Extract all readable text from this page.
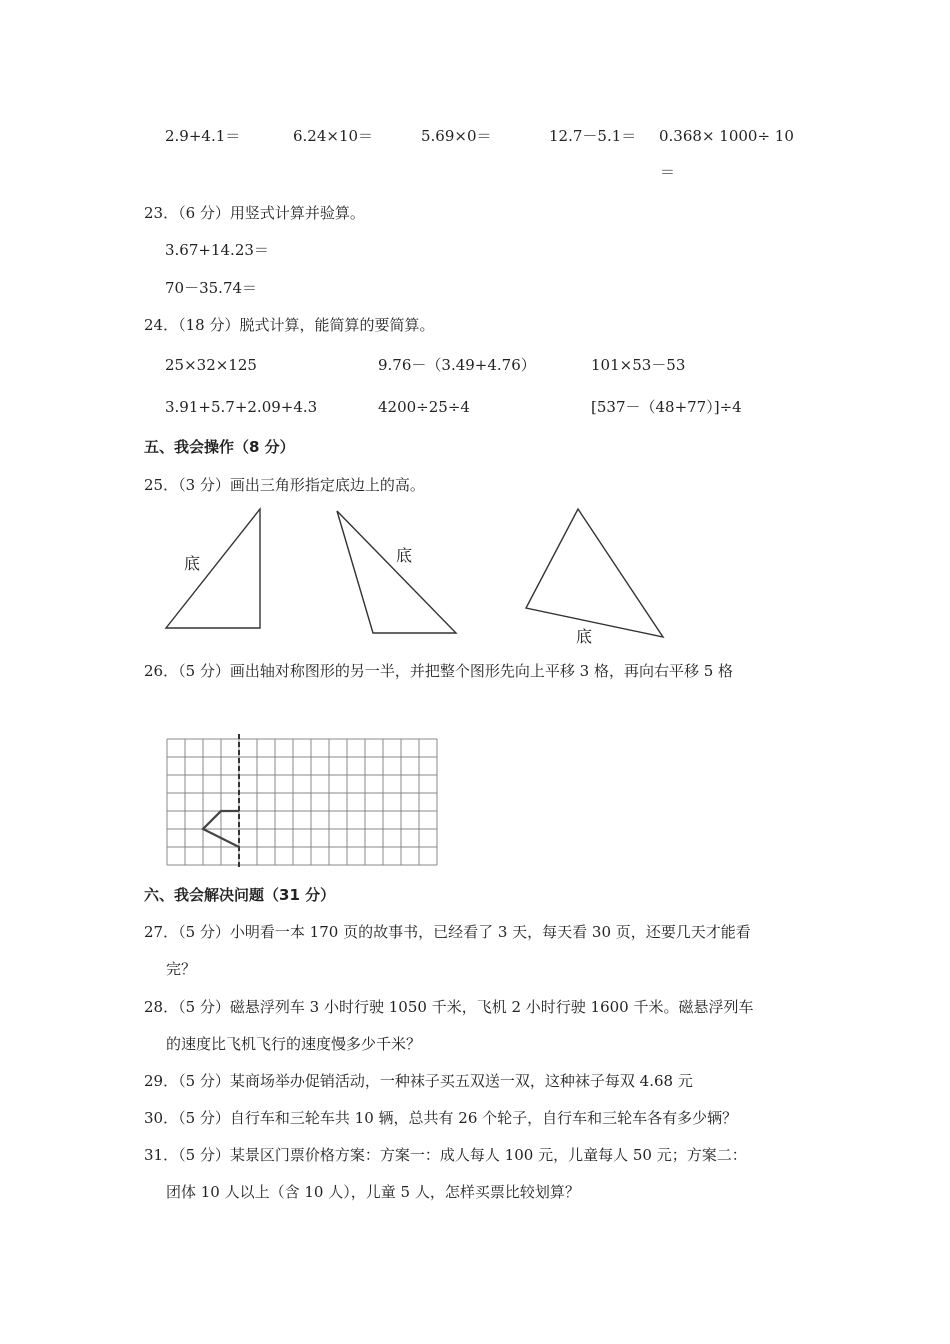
2.9+4.1＝	6.24×10＝	5.69×0＝	12.7－5.1＝ 0.368× 1000÷ 10
＝
23．（6 分）用竖式计算并验算。
3.67+14.23＝
70－35.74＝
24．（18 分）脱式计算，能简算的要简算。
25×32×125	9.76－（3.49+4.76）	101×53－53
3.91+5.7+2.09+4.3	4200÷25÷4	[537－（48+77）]÷4
五、我会操作（8 分）
25．（3 分）画出三角形指定底边上的高。
底	底
底
26．（5 分）画出轴对称图形的另一半，并把整个图形先向上平移 3 格，再向右平移 5 格
六、我会解决问题（31 分）
27．（5 分）小明看一本 170 页的故事书，已经看了 3 天，每天看 30 页，还要几天才能看
完？
28．（5 分）磁悬浮列车 3 小时行驶 1050 千米，飞机 2 小时行驶 1600 千米。磁悬浮列车
的速度比飞机飞行的速度慢多少千米？
29．（5 分）某商场举办促销活动，一种袜子买五双送一双，这种袜子每双 4.68 元
30．（5 分）自行车和三轮车共 10 辆，总共有 26 个轮子，自行车和三轮车各有多少辆？
31．（5 分）某景区门票价格方案：方案一：成人每人 100 元，儿童每人 50 元；方案二：
团体 10 人以上（含 10 人），儿童 5 人，怎样买票比较划算？
